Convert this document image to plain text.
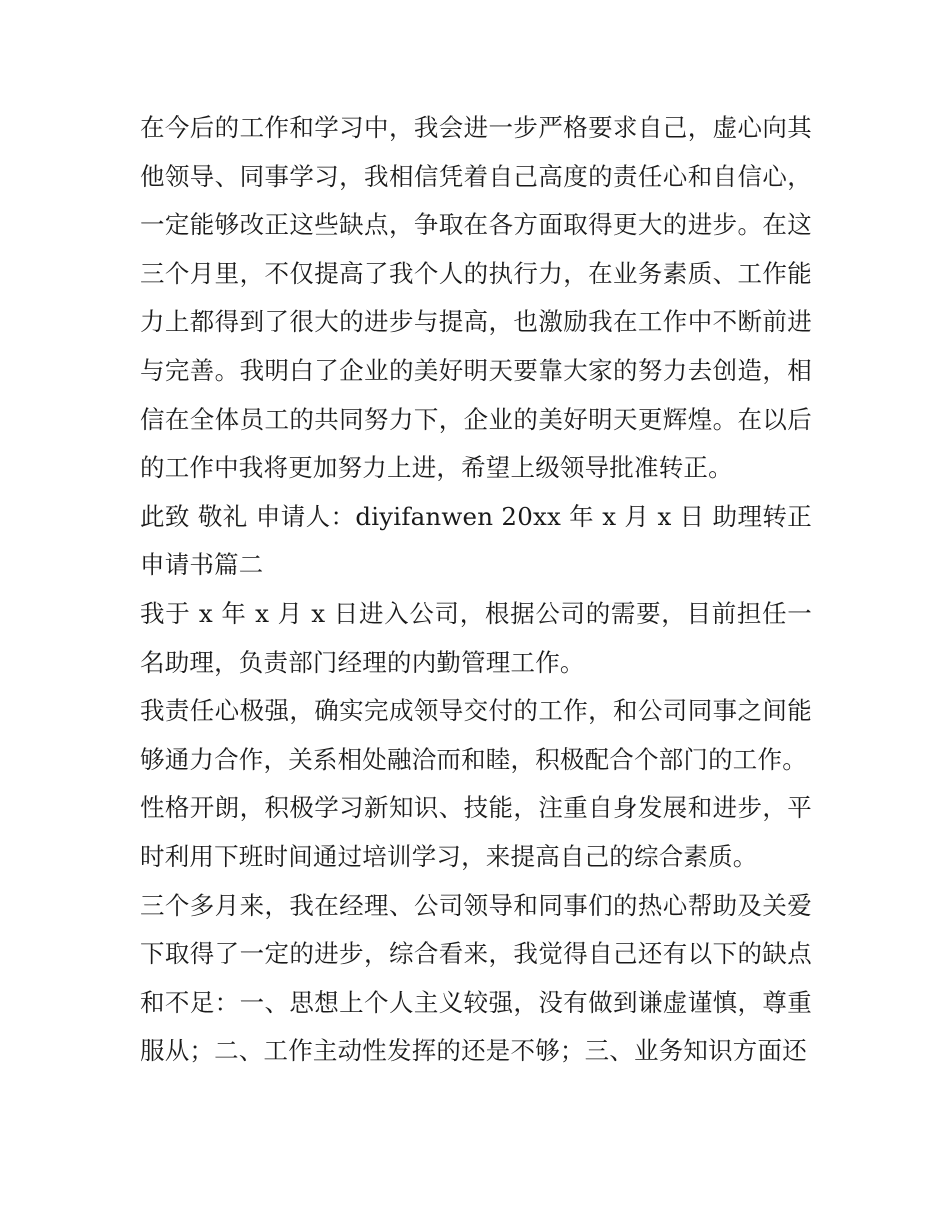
在今后的工作和学习中，我会进一步严格要求自己，虚心向其他领导、同事学习，我相信凭着自己高度的责任心和自信心，一定能够改正这些缺点，争取在各方面取得更大的进步。在这三个月里，不仅提高了我个人的执行力，在业务素质、工作能力上都得到了很大的进步与提高，也激励我在工作中不断前进与完善。我明白了企业的美好明天要靠大家的努力去创造，相信在全体员工的共同努力下，企业的美好明天更辉煌。在以后的工作中我将更加努力上进，希望上级领导批准转正。

此致 敬礼 申请人：diyifanwen 20xx 年 x 月 x 日 助理转正申请书篇二

我于 x 年 x 月 x 日进入公司，根据公司的需要，目前担任一名助理，负责部门经理的内勤管理工作。

我责任心极强，确实完成领导交付的工作，和公司同事之间能够通力合作，关系相处融洽而和睦，积极配合个部门的工作。

性格开朗，积极学习新知识、技能，注重自身发展和进步，平时利用下班时间通过培训学习，来提高自己的综合素质。

三个多月来，我在经理、公司领导和同事们的热心帮助及关爱下取得了一定的进步，综合看来，我觉得自己还有以下的缺点和不足：一、思想上个人主义较强，没有做到谦虚谨慎，尊重服从；二、工作主动性发挥的还是不够；三、业务知识方面还
